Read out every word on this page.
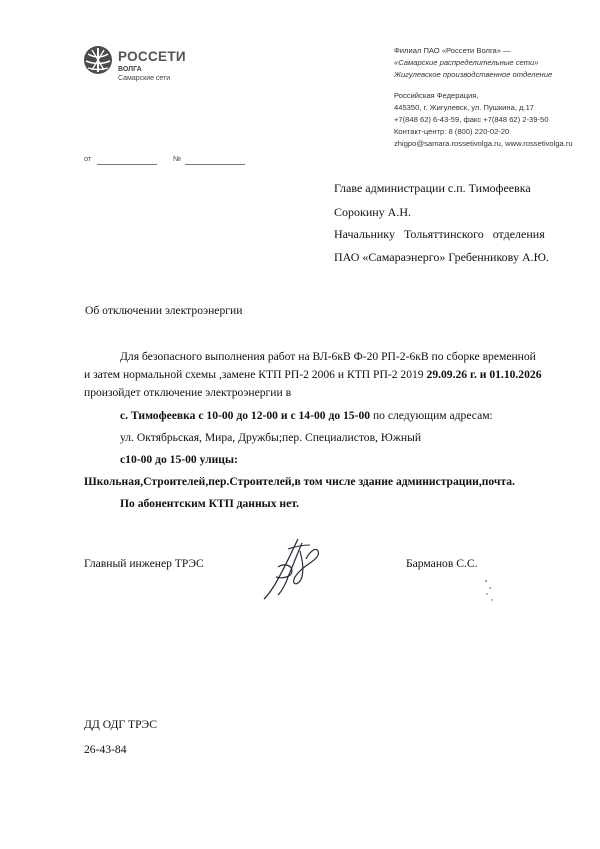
РОССЕТИ
ВОЛГА
Самарские сети
Филиал ПАО «Россети Волга» —
«Самарские распределительные сети»
Жигулевское производственное отделение
Российская Федерация,
445350, г. Жигулевск, ул. Пушкина, д.17
+7(848 62) 6-43-59, факс +7(848 62) 2-39-50
Контакт-центр: 8 (800) 220-02-20
zhigpo@samara.rossetivolga.ru, www.rossetivolga.ru
от	№
Главе администрации с.п. Тимофеевка
Сорокину А.Н.
Начальнику Тольяттинского отделения
ПАО «Самараэнерго» Гребенникову А.Ю.
Об отключении электроэнергии
Для безопасного выполнения работ на ВЛ-6кВ Ф-20 РП-2-6кВ по сборке временной
и затем нормальной схемы ,замене КТП РП-2 2006 и КТП РП-2 2019 29.09.26 г. и 01.10.2026
произойдет отключение электроэнергии в
с. Тимофеевка с 10-00 до 12-00 и с 14-00 до 15-00 по следующим адресам:
ул. Октябрьская, Мира, Дружбы;пер. Специалистов, Южный
с10-00 до 15-00 улицы:
Школьная,Строителей,пер.Строителей,в том числе здание администрации,почта.
По абонентским КТП данных нет.
Главный инженер ТРЭС	Барманов С.С.
ДД ОДГ ТРЭС
26-43-84
